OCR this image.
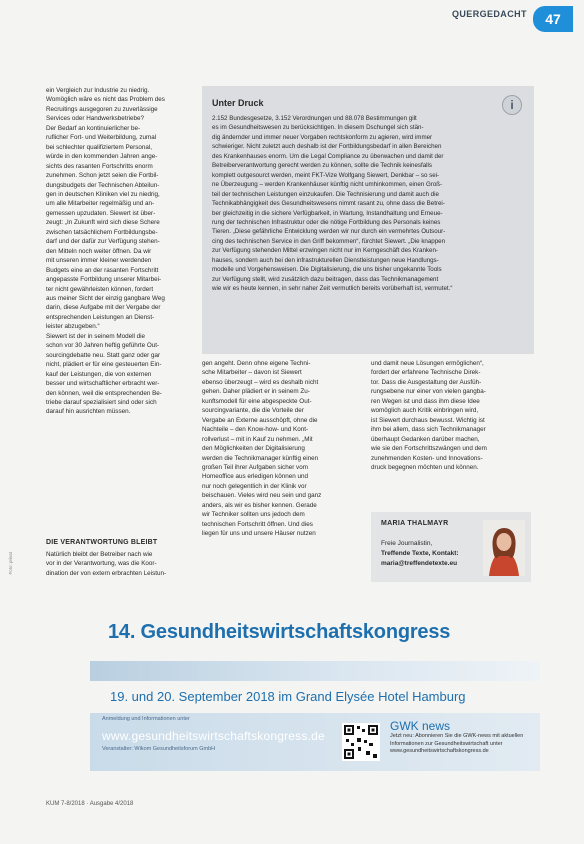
QUERGEDACHT	47
ein Vergleich zur Industrie zu niedrig.
Womöglich wäre es nicht das Problem des
Recruitings ausgegoren zu zuverlässige
Services oder Handwerksbetriebe?
Der Bedarf an kontinuierlicher be-
ruflicher Fort- und Weiterbildung, zumal
bei schlechter qualifiziertem Personal,
würde in den kommenden Jahren ange-
sichts des rasanten Fortschritts enorm
zunehmen. Schon jetzt seien die Fortbil-
dungsbudgets der Technischen Abteilun-
gen in deutschen Kliniken viel zu niedrig,
um alle Mitarbeiter regelmäßig und an-
gemessen upzudaten. Siewert ist über-
zeugt: „In Zukunft wird sich diese Schere
zwischen tatsächlichem Fortbildungsbe-
darf und der dafür zur Verfügung stehen-
den Mitteln noch weiter öffnen. Da wir
mit unseren immer kleiner werdenden
Budgets eine an der rasanten Fortschritt
angepasste Fortbildung unserer Mitarbei-
ter nicht gewährleisten können, fordert
aus meiner Sicht der einzig gangbare Weg
darin, diese Aufgabe mit der Vergabe der
entsprechenden Leistungen an Dienst-
leister abzugeben.“
Siewert ist der in seinem Modell die
schon vor 30 Jahren heftig geführte Out-
sourcingdebatte neu. Statt ganz oder gar
nicht, plädiert er für eine gesteuerten Ein-
kauf der Leistungen, die von externen
besser und wirtschaftlicher erbracht wer-
den können, weil die entsprechenden Be-
triebe darauf spezialisiert sind oder sich
darauf hin ausrichten müssen.
DIE VERANTWORTUNG BLEIBT
Natürlich bleibt der Betreiber nach wie
vor in der Verantwortung, was die Koor-
dination der von extern erbrachten Leistun-
Unter Druck
2.152 Bundesgesetze, 3.152 Verordnungen und 88.078 Bestimmungen gilt
es im Gesundheitswesen zu berücksichtigen. In diesem Dschungel sich stän-
dig ändernder und immer neuer Vorgaben rechtskonform zu agieren, wird immer
schwieriger. Nicht zuletzt auch deshalb ist der Fortbildungsbedarf in allen Bereichen
des Krankenhauses enorm. Um die Legal Compliance zu überwachen und damit der
Betreiberverantwortung gerecht werden zu können, sollte die Technik keinesfalls
komplett outgesourct werden, meint FKT-Vize Wolfgang Siewert, Denkbar – so sei-
ne Überzeugung – werden Krankenhäuser künftig nicht umhinkommen, einen Groß-
teil der technischen Leistungen einzukaufen. Die Technisierung und damit auch die
Technikabhängigkeit des Gesundheitswesens nimmt rasant zu, ohne dass die Betrei-
ber gleichzeitig in die sichere Verfügbarkeit, in Wartung, Instandhaltung und Erneue-
rung der technischen Infrastruktur oder die nötige Fortbildung des Personals keines
Tieren. „Diese gefährliche Entwicklung werden wir nur durch ein vermehrtes Outsour-
cing des technischen Service in den Griff bekommen“, fürchtet Siewert. „Die knappen
zur Verfügung stehenden Mittel erzwingen nicht nur im Kerngeschäft des Kranken-
hauses, sondern auch bei den infrastrukturellen Dienstleistungen neue Handlungs-
modelle und Vorgehensweisen. Die Digitalisierung, die uns bisher ungekannte Tools
zur Verfügung stellt, wird zusätzlich dazu beitragen, dass das Technikmanagement
wie wir es heute kennen, in sehr naher Zeit vermutlich bereits vorüberhaft ist, vermutet.“
i
gen angeht. Denn ohne eigene Techni-
sche Mitarbeiter – davon ist Siewert
ebenso überzeugt – wird es deshalb nicht
gehen. Daher plädiert er in seinem Zu-
kunftsmodell für eine abgespeckte Out-
sourcingvariante, die die Vorteile der
Vergabe an Externe ausschöpft, ohne die
Nachteile – den Know-how- und Kont-
rollverlust – mit in Kauf zu nehmen. „Mit
den Möglichkeiten der Digitalisierung
werden die Technikmanager künftig einen
großen Teil ihrer Aufgaben sicher vom
Homeoffice aus erledigen können und
nur noch gelegentlich in der Klinik vor
beischauen. Vieles wird neu sein und ganz
anders, als wir es bisher kennen. Gerade
wir Techniker sollten uns jedoch dem
technischen Fortschritt öffnen. Und dies
liegen für uns und unsere Häuser nutzen
und damit neue Lösungen ermöglichen“,
fordert der erfahrene Technische Direk-
tor. Dass die Ausgestaltung der Ausfüh-
rungsebene nur einer von vielen gangba-
ren Wegen ist und dass ihm diese Idee
womöglich auch Kritik einbringen wird,
ist Siewert durchaus bewusst. Wichtig ist
ihm bei allem, dass sich Technikmanager
überhaupt Gedanken darüber machen,
wie sie den Fortschrittszwängen und dem
zunehmenden Kosten- und Innovations-
druck begegnen möchten und können.
MARIA THALMAYR
Freie Journalistin,
Treffende Texte, Kontakt:
maria@treffendetexte.eu
14. Gesundheitswirtschaftskongress
19. und 20. September 2018 im Grand Elysée Hotel Hamburg
Anmeldung und Informationen unter
www.gesundheitswirtschaftskongress.de
Veranstalter: Wikom Gesundheitsforum GmbH
GWK news
Jetzt neu: Abonnieren Sie die GWK-news mit aktuellen Informationen zur Gesundheitswirtschaft unter www.gesundheitswirtschaftskongress.de
KUM 7-8/2018 · Ausgabe 4/2018
Foto: privat
